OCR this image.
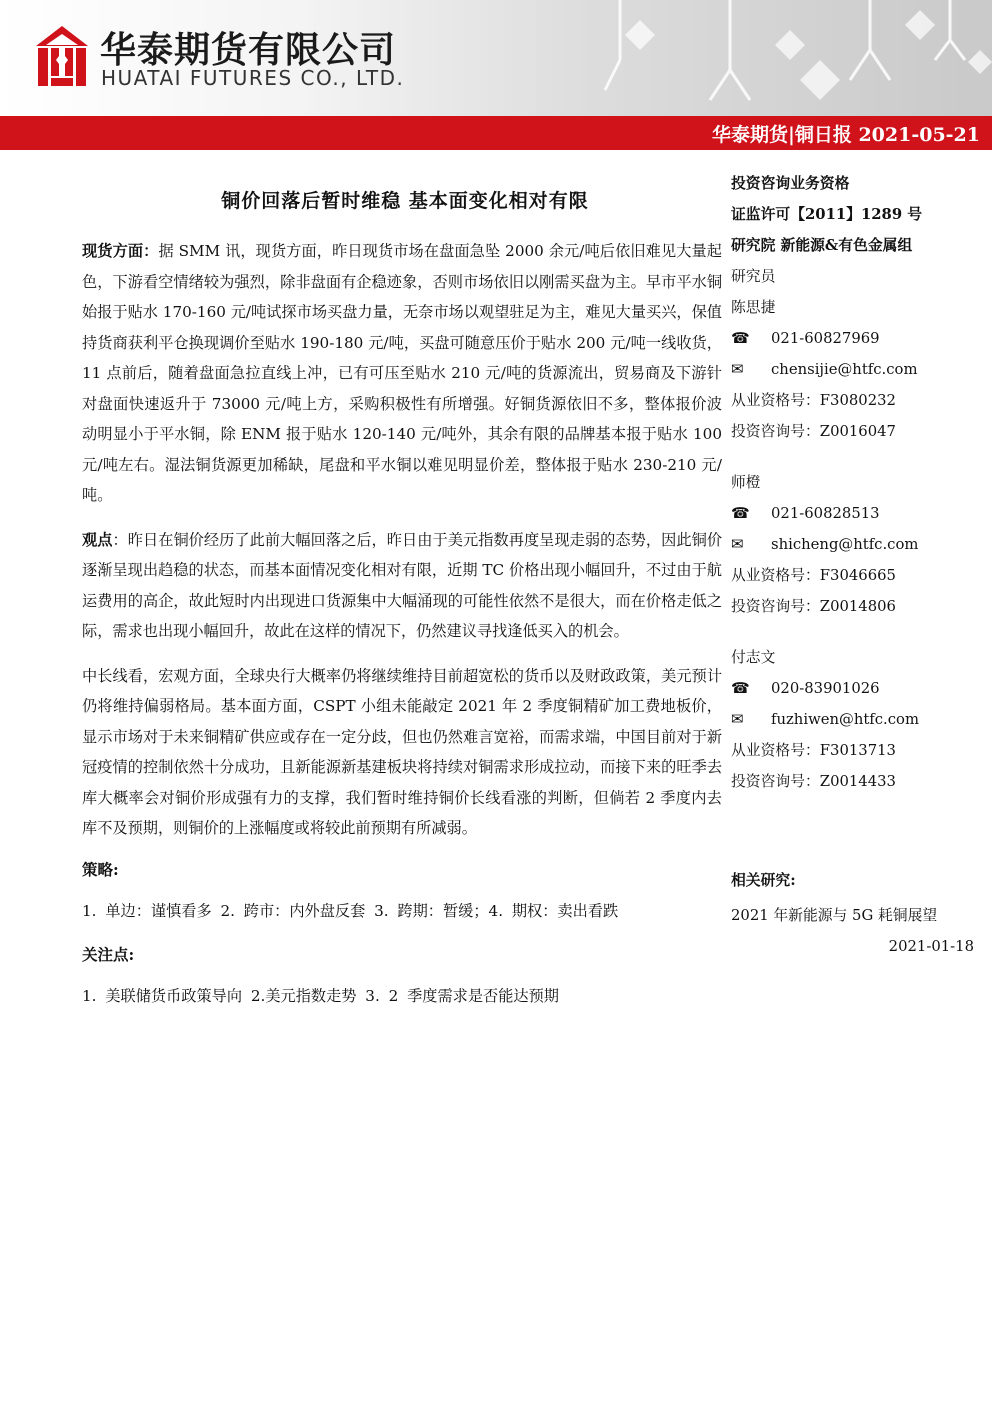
华泰期货有限公司
HUATAI FUTURES CO., LTD.
华泰期货|铜日报 2021-05-21
铜价回落后暂时维稳 基本面变化相对有限

现货方面：据 SMM 讯，现货方面，昨日现货市场在盘面急坠 2000 余元/吨后依旧难见大量起色，下游看空情绪较为强烈，除非盘面有企稳迹象，否则市场依旧以刚需买盘为主。早市平水铜始报于贴水 170-160 元/吨试探市场买盘力量，无奈市场以观望驻足为主，难见大量买兴，保值持货商获利平仓换现调价至贴水 190-180 元/吨，买盘可随意压价于贴水 200 元/吨一线收货，11 点前后，随着盘面急拉直线上冲，已有可压至贴水 210 元/吨的货源流出，贸易商及下游针对盘面快速返升于 73000 元/吨上方，采购积极性有所增强。好铜货源依旧不多，整体报价波动明显小于平水铜，除 ENM 报于贴水 120-140 元/吨外，其余有限的品牌基本报于贴水 100 元/吨左右。湿法铜货源更加稀缺，尾盘和平水铜以难见明显价差，整体报于贴水 230-210 元/吨。

观点：昨日在铜价经历了此前大幅回落之后，昨日由于美元指数再度呈现走弱的态势，因此铜价逐渐呈现出趋稳的状态，而基本面情况变化相对有限，近期 TC 价格出现小幅回升，不过由于航运费用的高企，故此短时内出现进口货源集中大幅涌现的可能性依然不是很大，而在价格走低之际，需求也出现小幅回升，故此在这样的情况下，仍然建议寻找逢低买入的机会。

中长线看，宏观方面，全球央行大概率仍将继续维持目前超宽松的货币以及财政政策，美元预计仍将维持偏弱格局。基本面方面，CSPT 小组未能敲定 2021 年 2 季度铜精矿加工费地板价，显示市场对于未来铜精矿供应或存在一定分歧，但也仍然难言宽裕，而需求端，中国目前对于新冠疫情的控制依然十分成功，且新能源新基建板块将持续对铜需求形成拉动，而接下来的旺季去库大概率会对铜价形成强有力的支撑，我们暂时维持铜价长线看涨的判断，但倘若 2 季度内去库不及预期，则铜价的上涨幅度或将较此前预期有所减弱。

策略:
1. 单边：谨慎看多 2. 跨市：内外盘反套 3. 跨期：暂缓；4. 期权：卖出看跌
关注点:
1. 美联储货币政策导向 2.美元指数走势 3. 2 季度需求是否能达预期
投资咨询业务资格
证监许可【2011】1289 号
研究院 新能源&有色金属组
研究员
陈思捷
☎	021-60827969
✉	chensijie@htfc.com
从业资格号：F3080232
投资咨询号：Z0016047
师橙
☎	021-60828513
✉	shicheng@htfc.com
从业资格号：F3046665
投资咨询号：Z0014806
付志文
☎	020-83901026
✉	fuzhiwen@htfc.com
从业资格号：F3013713
投资咨询号：Z0014433
相关研究:
2021 年新能源与 5G 耗铜展望
2021-01-18
